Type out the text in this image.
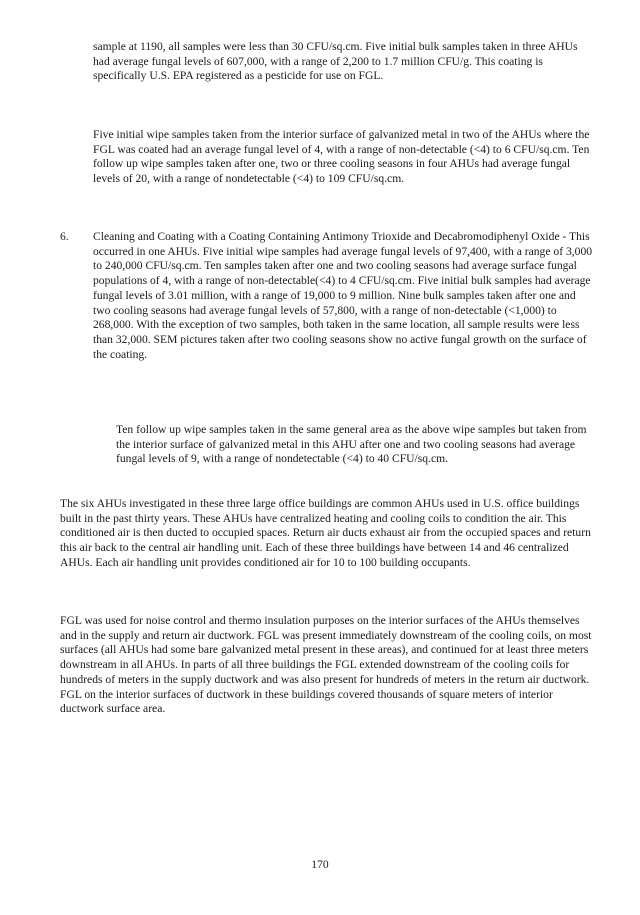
sample at 1190, all samples were less than 30 CFU/sq.cm. Five initial bulk samples taken in three AHUs had average fungal levels of 607,000, with a range of 2,200 to 1.7 million CFU/g. This coating is specifically U.S. EPA registered as a pesticide for use on FGL.

Five initial wipe samples taken from the interior surface of galvanized metal in two of the AHUs where the FGL was coated had an average fungal level of 4, with a range of non-detectable (<4) to 6 CFU/sq.cm. Ten follow up wipe samples taken after one, two or three cooling seasons in four AHUs had average fungal levels of 20, with a range of nondetectable (<4) to 109 CFU/sq.cm.

6. Cleaning and Coating with a Coating Containing Antimony Trioxide and Decabromodiphenyl Oxide - This occurred in one AHUs. Five initial wipe samples had average fungal levels of 97,400, with a range of 3,000 to 240,000 CFU/sq.cm. Ten samples taken after one and two cooling seasons had average surface fungal populations of 4, with a range of non-detectable(<4) to 4 CFU/sq.cm. Five initial bulk samples had average fungal levels of 3.01 million, with a range of 19,000 to 9 million. Nine bulk samples taken after one and two cooling seasons had average fungal levels of 57,800, with a range of non-detectable (<1,000) to 268,000. With the exception of two samples, both taken in the same location, all sample results were less than 32,000. SEM pictures taken after two cooling seasons show no active fungal growth on the surface of the coating.

Ten follow up wipe samples taken in the same general area as the above wipe samples but taken from the interior surface of galvanized metal in this AHU after one and two cooling seasons had average fungal levels of 9, with a range of nondetectable (<4) to 40 CFU/sq.cm.

The six AHUs investigated in these three large office buildings are common AHUs used in U.S. office buildings built in the past thirty years. These AHUs have centralized heating and cooling coils to condition the air. This conditioned air is then ducted to occupied spaces. Return air ducts exhaust air from the occupied spaces and return this air back to the central air handling unit. Each of these three buildings have between 14 and 46 centralized AHUs. Each air handling unit provides conditioned air for 10 to 100 building occupants.

FGL was used for noise control and thermo insulation purposes on the interior surfaces of the AHUs themselves and in the supply and return air ductwork. FGL was present immediately downstream of the cooling coils, on most surfaces (all AHUs had some bare galvanized metal present in these areas), and continued for at least three meters downstream in all AHUs. In parts of all three buildings the FGL extended downstream of the cooling coils for hundreds of meters in the supply ductwork and was also present for hundreds of meters in the return air ductwork. FGL on the interior surfaces of ductwork in these buildings covered thousands of square meters of interior ductwork surface area.

170
